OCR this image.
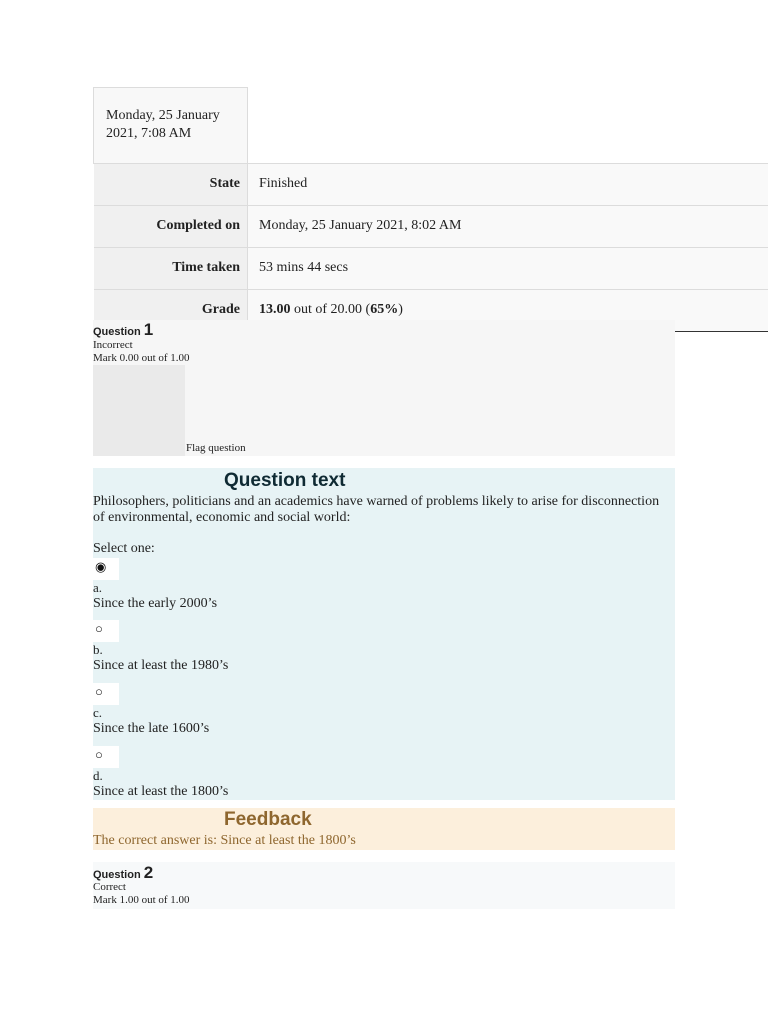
Monday, 25 January 2021, 7:08 AM	
State	Finished
Completed on	Monday, 25 January 2021, 8:02 AM
Time taken	53 mins 44 secs
Grade	13.00 out of 20.00 (65%)
Question 1
Incorrect
Mark 0.00 out of 1.00
Flag question
Question text
Philosophers, politicians and an academics have warned of problems likely to arise for disconnection of environmental, economic and social world:
Select one:
◉
a.
Since the early 2000’s
○
b.
Since at least the 1980’s
○
c.
Since the late 1600’s
○
d.
Since at least the 1800’s
Feedback
The correct answer is: Since at least the 1800’s
Question 2
Correct
Mark 1.00 out of 1.00
